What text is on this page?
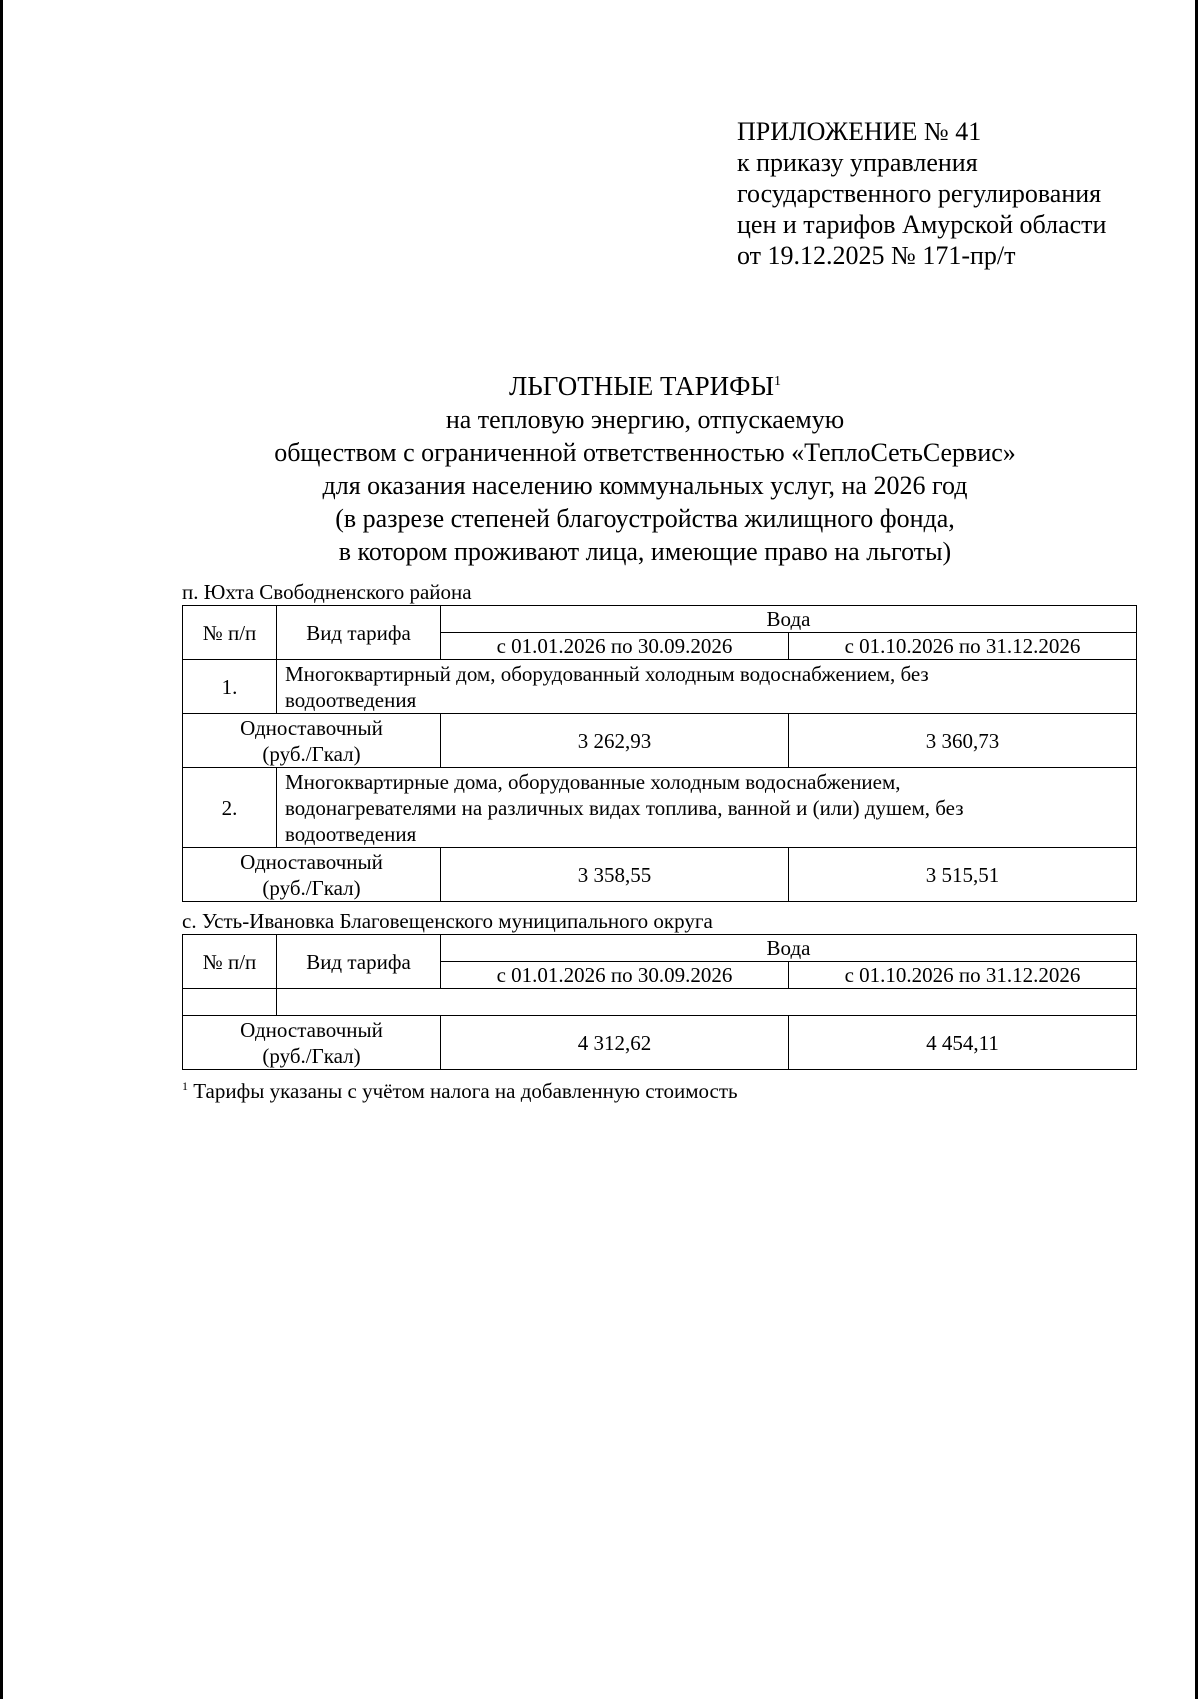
ПРИЛОЖЕНИЕ № 41
к приказу управления
государственного регулирования
цен и тарифов Амурской области
от 19.12.2025 № 171-пр/т
ЛЬГОТНЫЕ ТАРИФЫ$^1$
на тепловую энергию, отпускаемую
обществом с ограниченной ответственностью «ТеплоСетьСервис»
для оказания населению коммунальных услуг, на 2026 год
(в разрезе степеней благоустройства жилищного фонда,
в котором проживают лица, имеющие право на льготы)
п. Юхта Свободненского района
№ п/п	Вид тарифа	Вода	
		с 01.01.2026 по 30.09.2026	с 01.10.2026 по 31.12.2026
1.	Многоквартирный дом, оборудованный холодным водоснабжением, без
водоотведения		
Одноставочный
(руб./Гкал)		3 262,93	3 360,73
2.	Многоквартирные дома, оборудованные холодным водоснабжением,
водонагревателями на различных видах топлива, ванной и (или) душем, без
водоотведения		
Одноставочный
(руб./Гкал)		3 358,55	3 515,51
с. Усть-Ивановка Благовещенского муниципального округа
№ п/п	Вид тарифа	Вода	
		с 01.01.2026 по 30.09.2026	с 01.10.2026 по 31.12.2026

Одноставочный
(руб./Гкал)		4 312,62	4 454,11
$^1$ Тарифы указаны с учётом налога на добавленную стоимость
